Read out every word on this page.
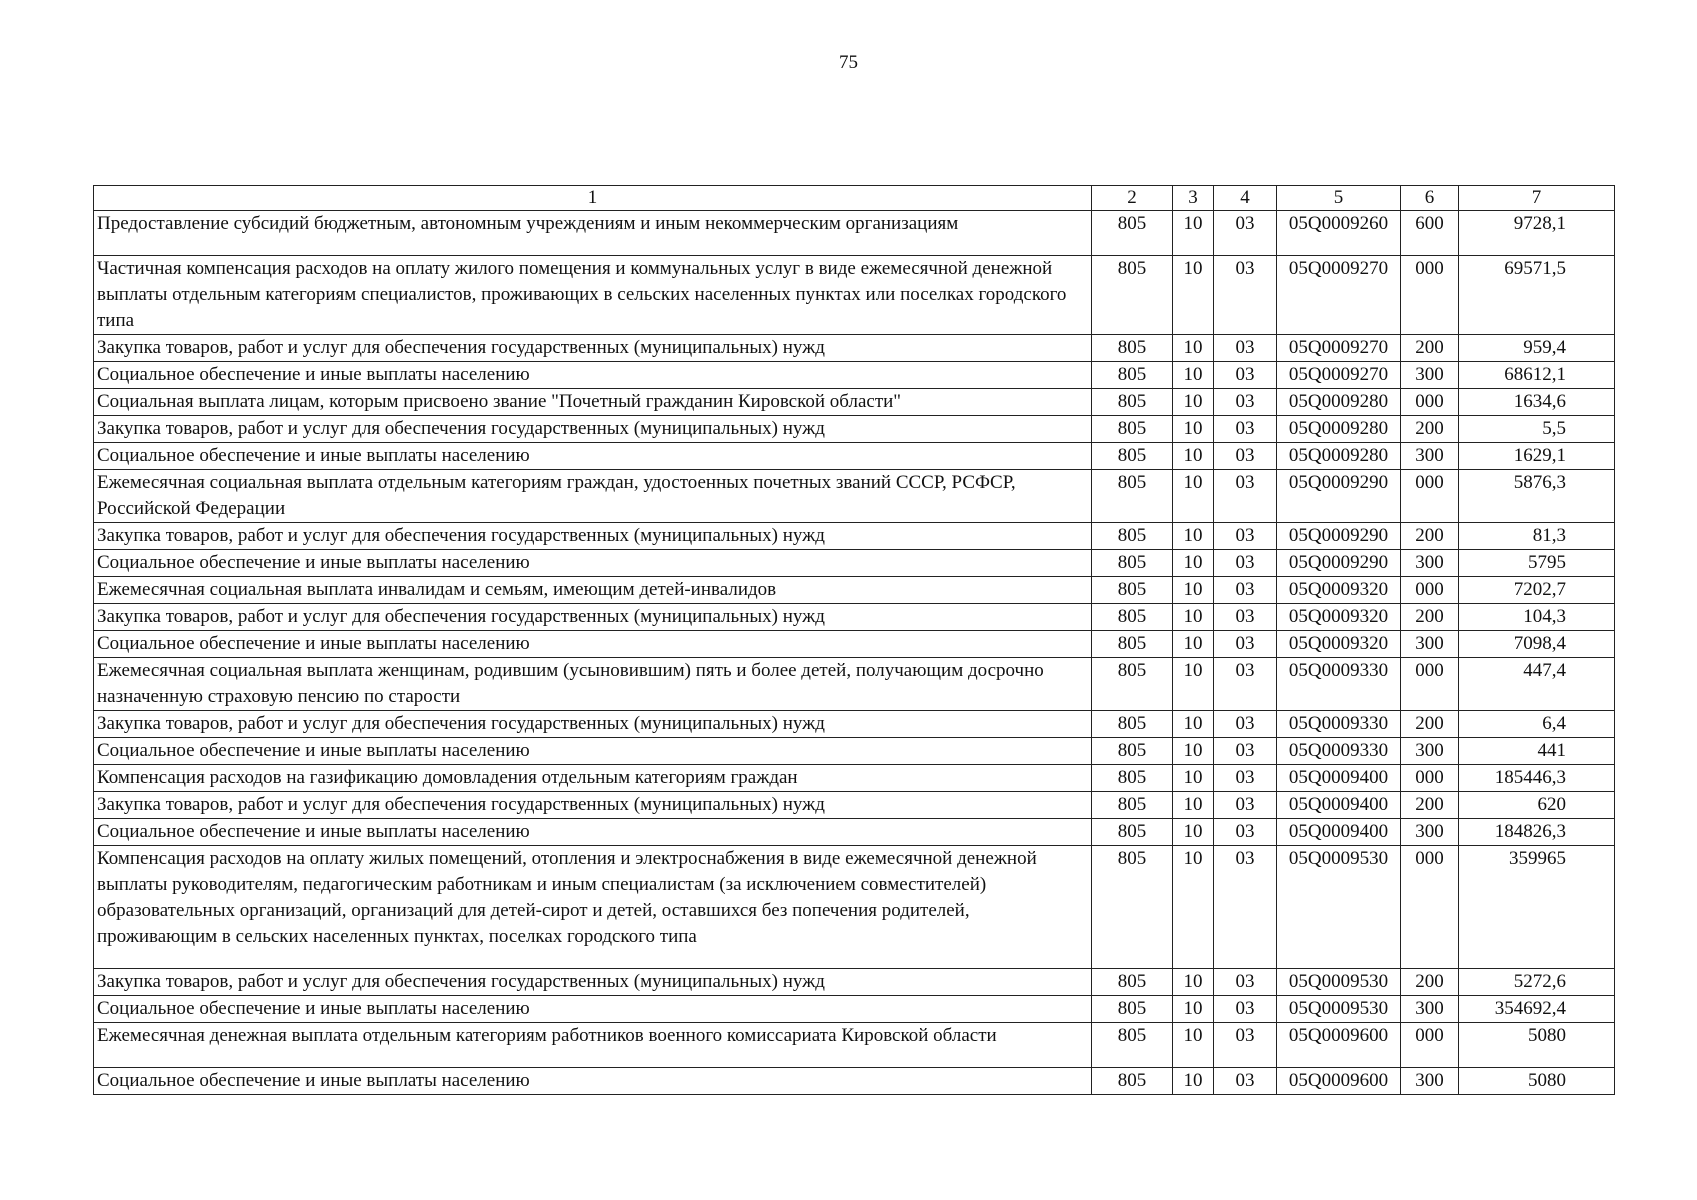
75
1	2	3	4	5	6	7
Предоставление субсидий бюджетным, автономным учреждениям и иным некоммерческим организациям	805	10	03	05Q0009260	600	9728,1
Частичная компенсация расходов на оплату жилого помещения и коммунальных услуг в виде ежемесячной денежной выплаты отдельным категориям специалистов, проживающих в сельских населенных пунктах или поселках городского типа	805	10	03	05Q0009270	000	69571,5
Закупка товаров, работ и услуг для обеспечения государственных (муниципальных) нужд	805	10	03	05Q0009270	200	959,4
Социальное обеспечение и иные выплаты населению	805	10	03	05Q0009270	300	68612,1
Социальная выплата лицам, которым присвоено звание "Почетный гражданин Кировской области"	805	10	03	05Q0009280	000	1634,6
Закупка товаров, работ и услуг для обеспечения государственных (муниципальных) нужд	805	10	03	05Q0009280	200	5,5
Социальное обеспечение и иные выплаты населению	805	10	03	05Q0009280	300	1629,1
Ежемесячная социальная выплата отдельным категориям граждан, удостоенных почетных званий СССР, РСФСР, Российской Федерации	805	10	03	05Q0009290	000	5876,3
Закупка товаров, работ и услуг для обеспечения государственных (муниципальных) нужд	805	10	03	05Q0009290	200	81,3
Социальное обеспечение и иные выплаты населению	805	10	03	05Q0009290	300	5795
Ежемесячная социальная выплата инвалидам и семьям, имеющим детей-инвалидов	805	10	03	05Q0009320	000	7202,7
Закупка товаров, работ и услуг для обеспечения государственных (муниципальных) нужд	805	10	03	05Q0009320	200	104,3
Социальное обеспечение и иные выплаты населению	805	10	03	05Q0009320	300	7098,4
Ежемесячная социальная выплата женщинам, родившим (усыновившим) пять и более детей, получающим досрочно назначенную страховую пенсию по старости	805	10	03	05Q0009330	000	447,4
Закупка товаров, работ и услуг для обеспечения государственных (муниципальных) нужд	805	10	03	05Q0009330	200	6,4
Социальное обеспечение и иные выплаты населению	805	10	03	05Q0009330	300	441
Компенсация расходов на газификацию домовладения отдельным категориям граждан	805	10	03	05Q0009400	000	185446,3
Закупка товаров, работ и услуг для обеспечения государственных (муниципальных) нужд	805	10	03	05Q0009400	200	620
Социальное обеспечение и иные выплаты населению	805	10	03	05Q0009400	300	184826,3
Компенсация расходов на оплату жилых помещений, отопления и электроснабжения в виде ежемесячной денежной выплаты руководителям, педагогическим работникам и иным специалистам (за исключением совместителей) образовательных организаций, организаций для детей-сирот и детей, оставшихся без попечения родителей, проживающим в сельских населенных пунктах, поселках городского типа	805	10	03	05Q0009530	000	359965
Закупка товаров, работ и услуг для обеспечения государственных (муниципальных) нужд	805	10	03	05Q0009530	200	5272,6
Социальное обеспечение и иные выплаты населению	805	10	03	05Q0009530	300	354692,4
Ежемесячная денежная выплата отдельным категориям работников военного комиссариата Кировской области	805	10	03	05Q0009600	000	5080
Социальное обеспечение и иные выплаты населению	805	10	03	05Q0009600	300	5080
